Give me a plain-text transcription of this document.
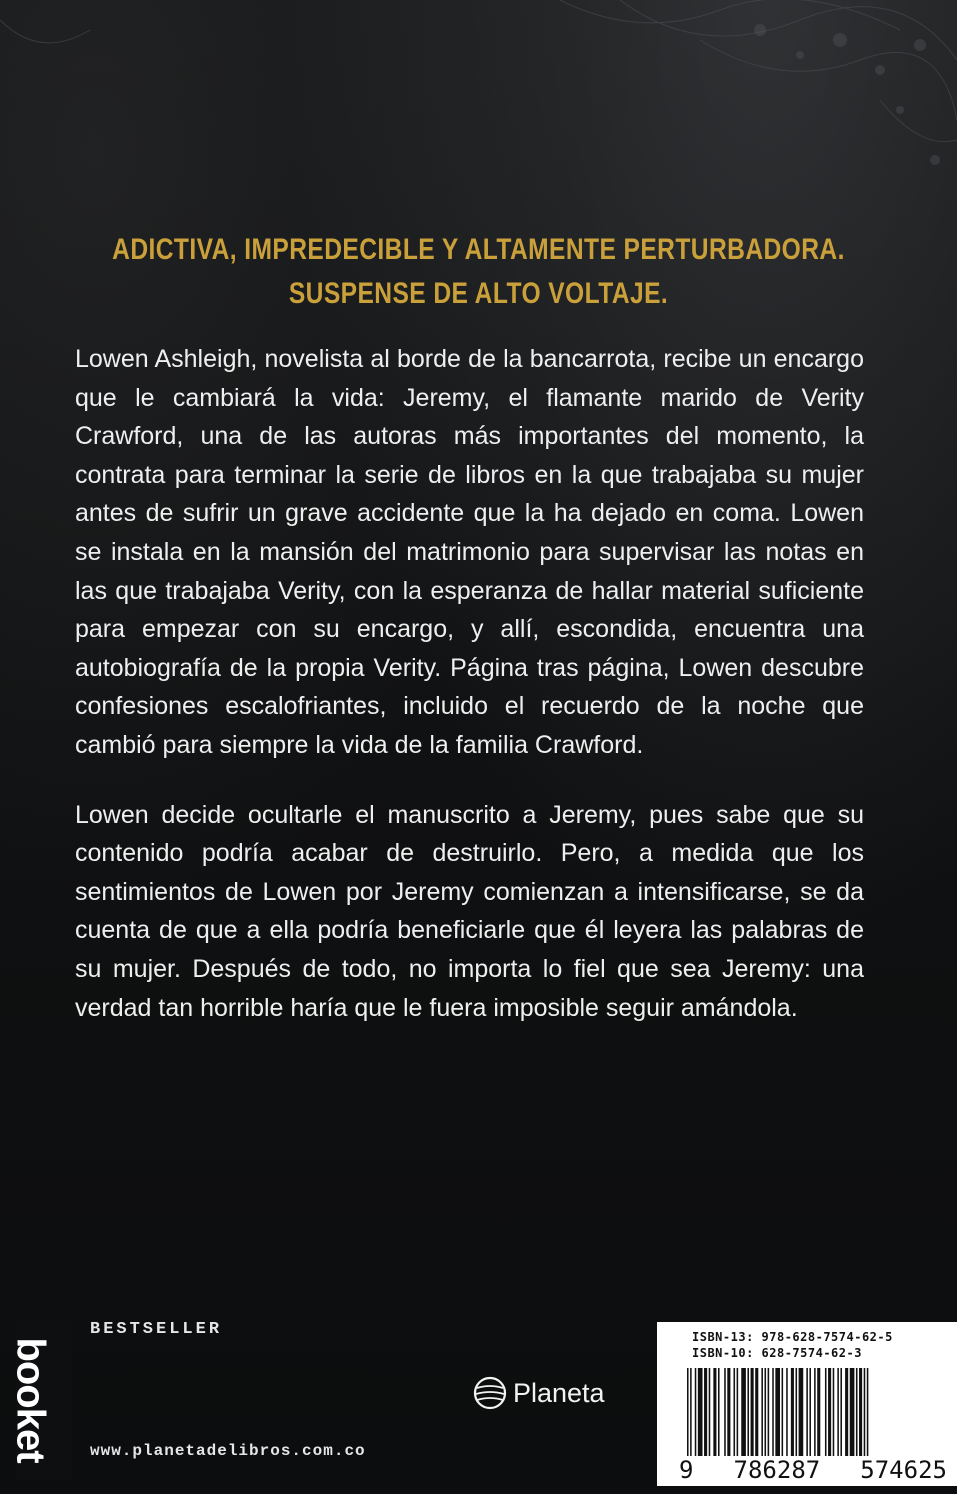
ADICTIVA, IMPREDECIBLE Y ALTAMENTE PERTURBADORA.
SUSPENSE DE ALTO VOLTAJE.

Lowen Ashleigh, novelista al borde de la bancarrota, recibe un encargo que le cambiará la vida: Jeremy, el flamante marido de Verity Crawford, una de las autoras más importantes del momento, la contrata para terminar la serie de libros en la que trabajaba su mujer antes de sufrir un grave accidente que la ha dejado en coma. Lowen se instala en la mansión del matrimonio para supervisar las notas en las que trabajaba Verity, con la esperanza de hallar material suficiente para empezar con su encargo, y allí, escondida, encuentra una autobiografía de la propia Verity. Página tras página, Lowen descubre confesiones escalofriantes, incluido el recuerdo de la noche que cambió para siempre la vida de la familia Crawford.

Lowen decide ocultarle el manuscrito a Jeremy, pues sabe que su contenido podría acabar de destruirlo. Pero, a medida que los sentimientos de Lowen por Jeremy comienzan a intensificarse, se da cuenta de que a ella podría beneficiarle que él leyera las palabras de su mujer. Después de todo, no importa lo fiel que sea Jeremy: una verdad tan horrible haría que le fuera imposible seguir amándola.

booket
BESTSELLER
www.planetadelibros.com.co
Planeta
ISBN-13: 978-628-7574-62-5
ISBN-10: 628-7574-62-3
9 786287 574625
